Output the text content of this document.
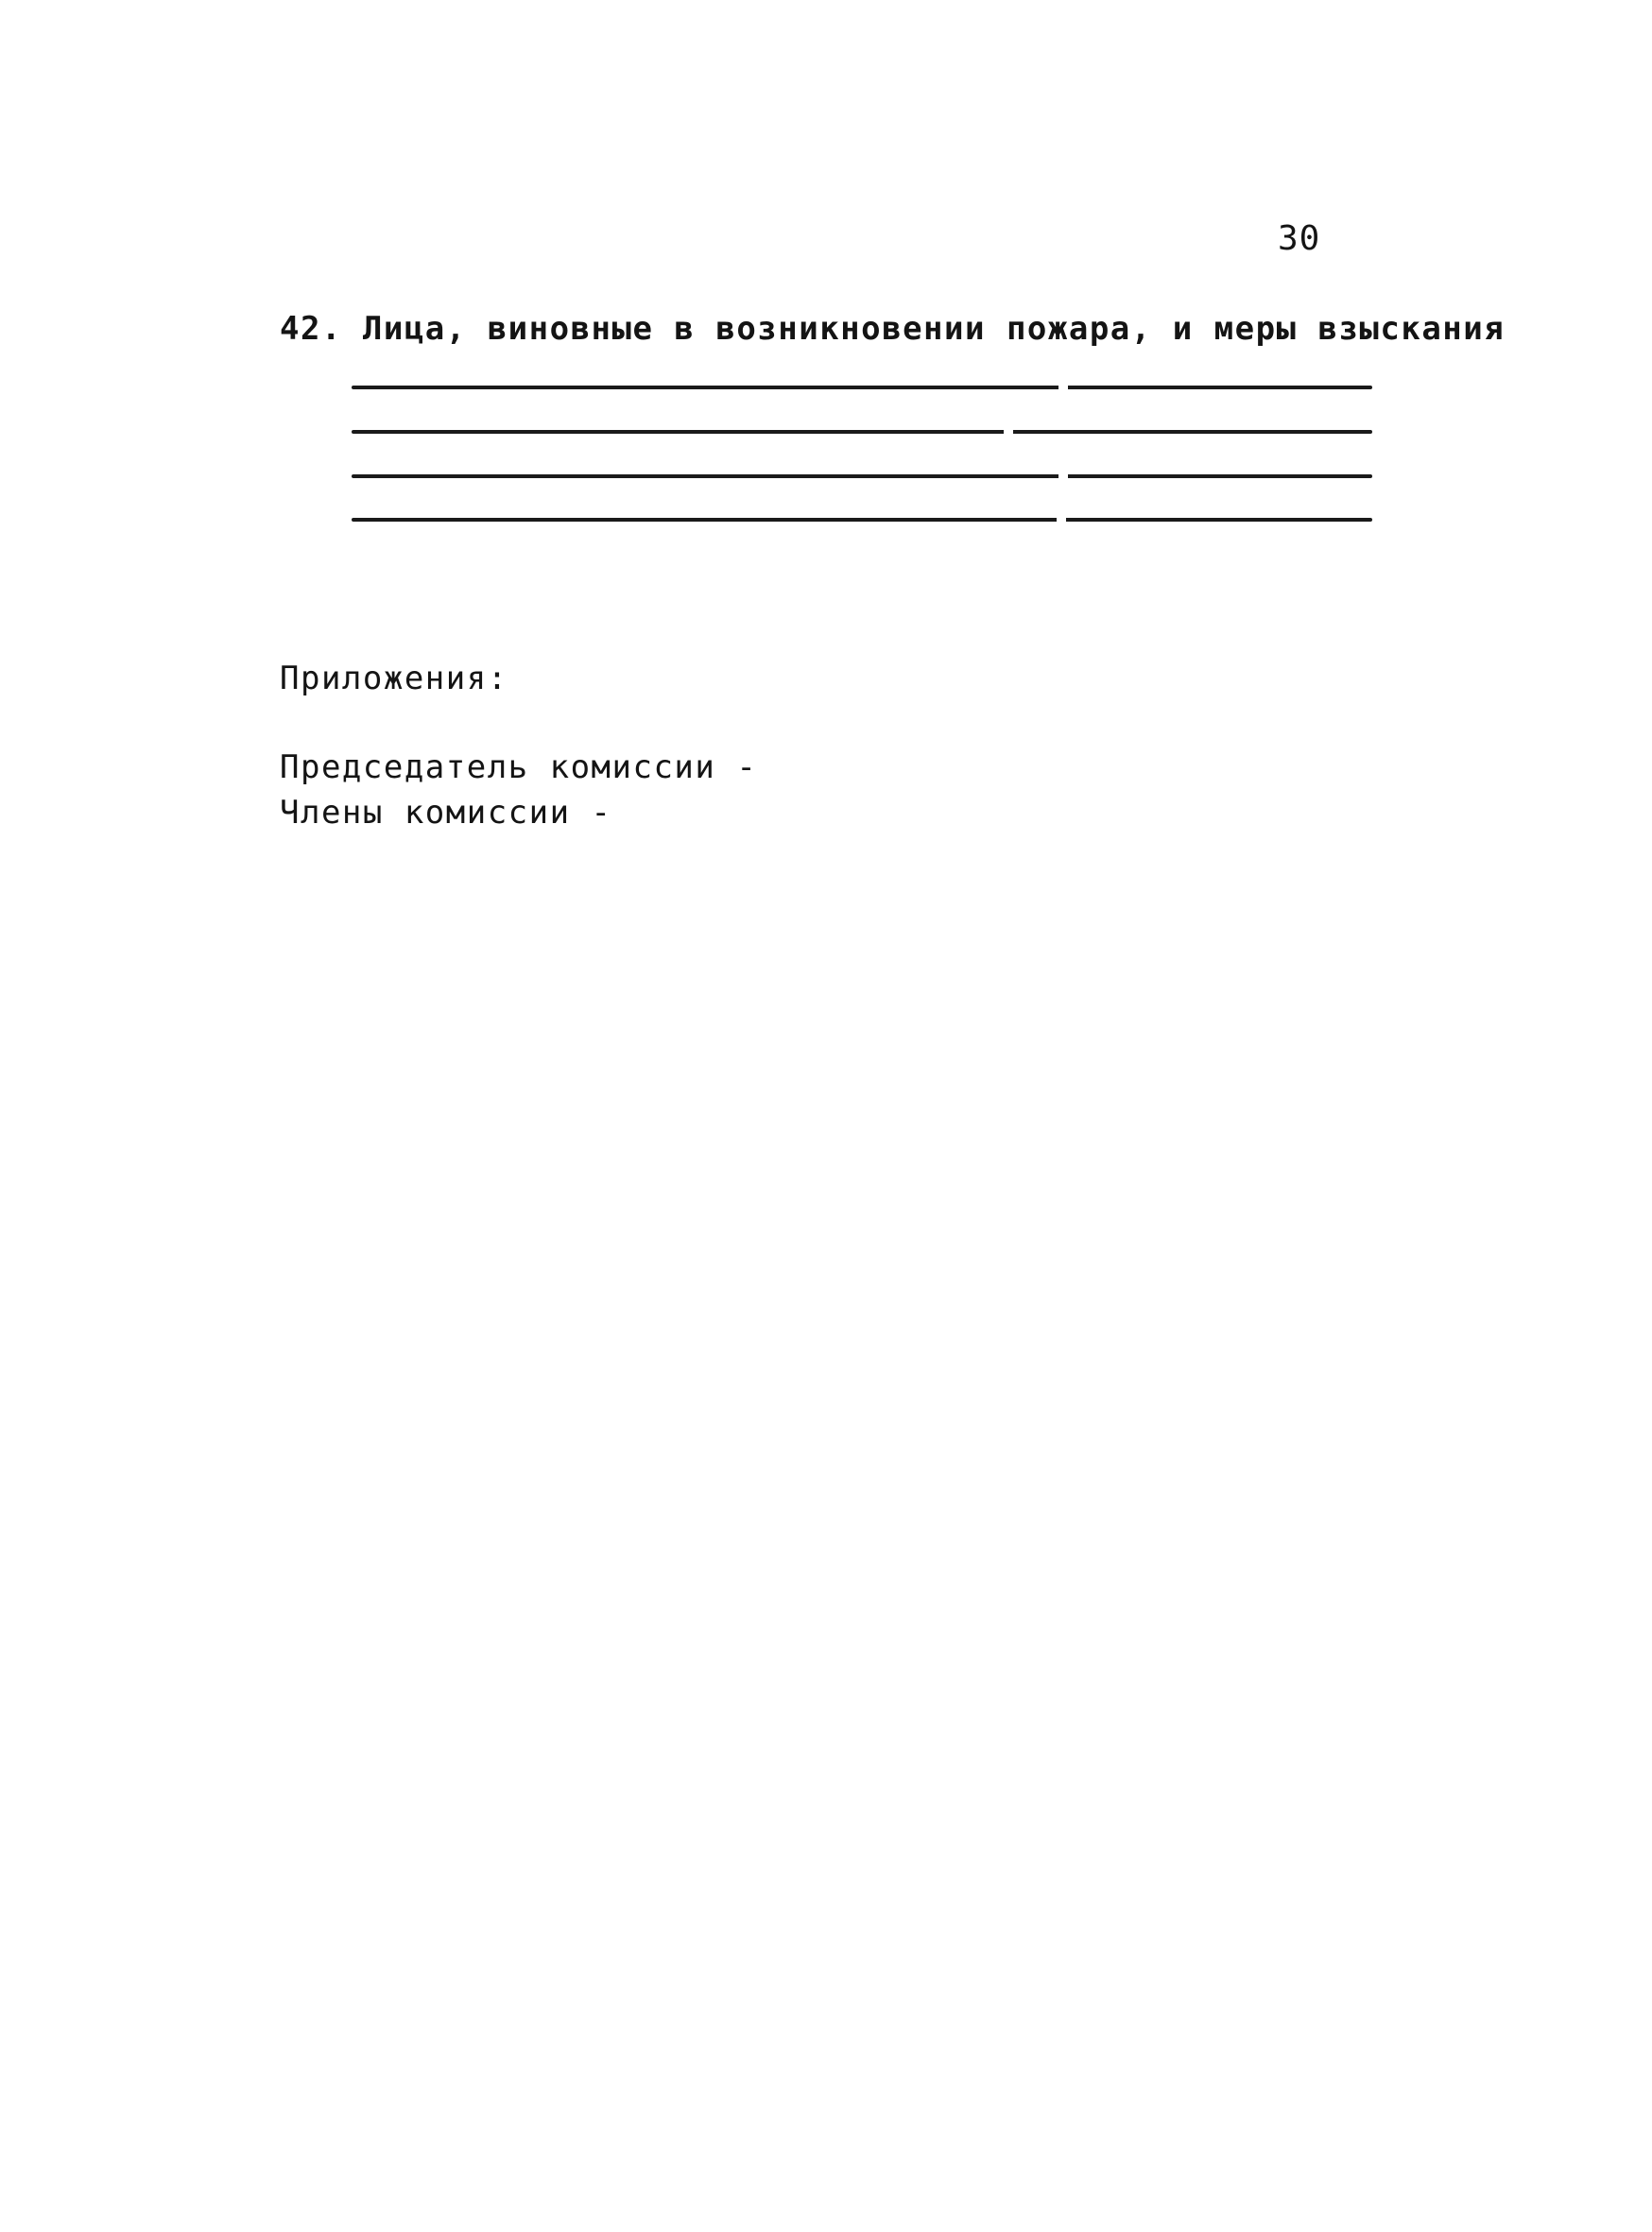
30
42. Лица, виновные в возникновении пожара, и меры взыскания
Приложения:
Председатель комиссии -
Члены комиссии -
